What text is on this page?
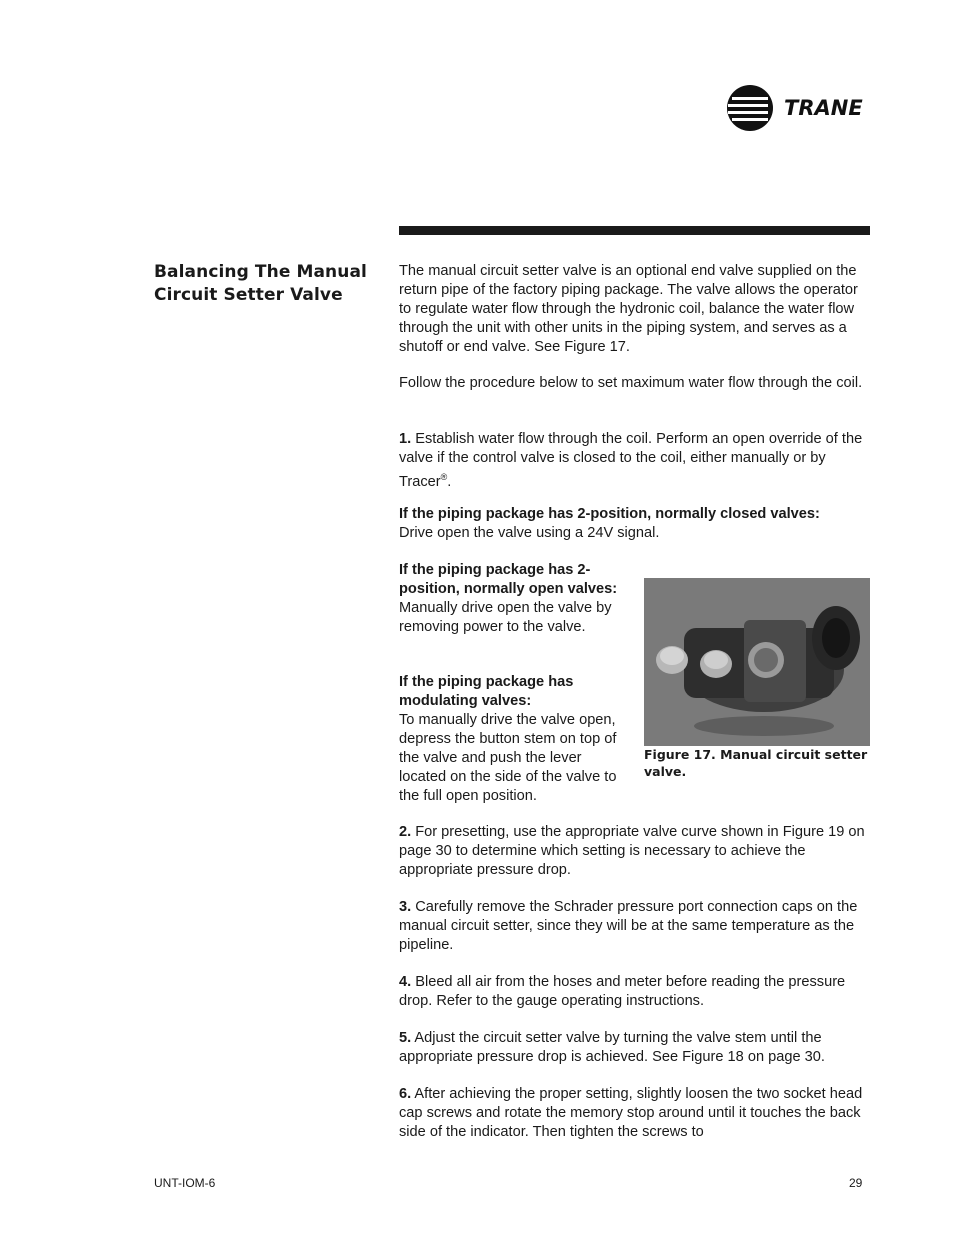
TRANE
Balancing The Manual Circuit Setter Valve

The manual circuit setter valve is an optional end valve supplied on the return pipe of the factory piping package. The valve allows the operator to regulate water flow through the hydronic coil, balance the water flow through the unit with other units in the piping system, and serves as a shutoff or end valve. See Figure 17.

Follow the procedure below to set maximum water flow through the coil.

1. Establish water flow through the coil. Perform an open override of the valve if the control valve is closed to the coil, either manually or by Tracer®.

If the piping package has 2-position, normally closed valves:

Drive open the valve using a 24V signal.

If the piping package has 2-position, normally open valves:

Manually drive open the valve by removing power to the valve.

If the piping package has modulating valves:

To manually drive the valve open, depress the button stem on top of the valve and push the lever located on the side of the valve to the full open position.

Figure 17. Manual circuit setter valve.

2. For presetting, use the appropriate valve curve shown in Figure 19 on page 30 to determine which setting is necessary to achieve the appropriate pressure drop.

3. Carefully remove the Schrader pressure port connection caps on the manual circuit setter, since they will be at the same temperature as the pipeline.

4. Bleed all air from the hoses and meter before reading the pressure drop. Refer to the gauge operating instructions.

5. Adjust the circuit setter valve by turning the valve stem until the appropriate pressure drop is achieved. See Figure 18 on page 30.

6. After achieving the proper setting, slightly loosen the two socket head cap screws and rotate the memory stop around until it touches the back side of the indicator. Then tighten the screws to

UNT-IOM-6	29
